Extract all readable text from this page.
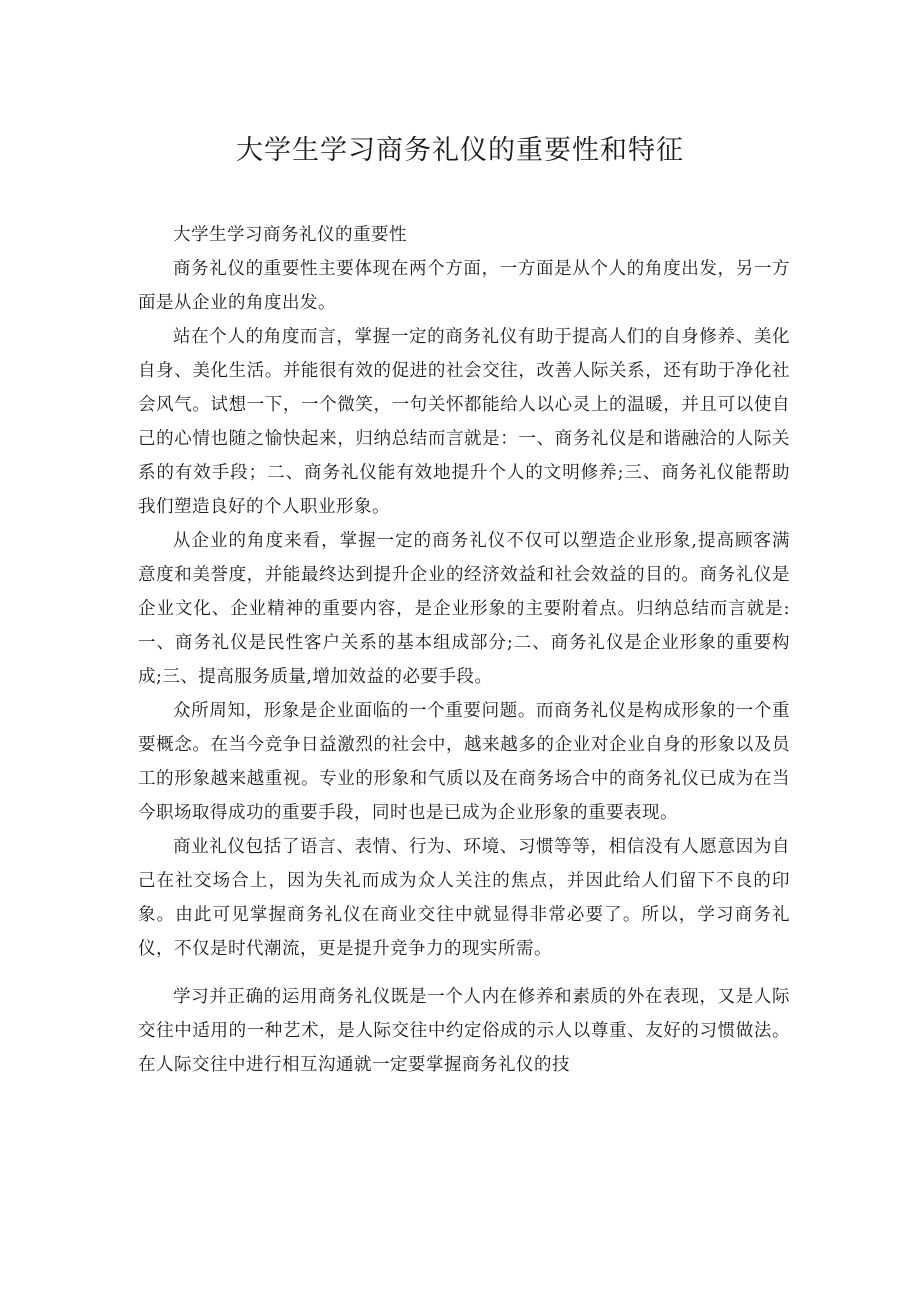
大学生学习商务礼仪的重要性和特征

大学生学习商务礼仪的重要性

商务礼仪的重要性主要体现在两个方面，一方面是从个人的角度出发，另一方面是从企业的角度出发。

站在个人的角度而言，掌握一定的商务礼仪有助于提高人们的自身修养、美化自身、美化生活。并能很有效的促进的社会交往，改善人际关系，还有助于净化社会风气。试想一下，一个微笑，一句关怀都能给人以心灵上的温暖，并且可以使自己的心情也随之愉快起来，归纳总结而言就是：一、商务礼仪是和谐融洽的人际关系的有效手段；二、商务礼仪能有效地提升个人的文明修养;三、商务礼仪能帮助我们塑造良好的个人职业形象。

从企业的角度来看，掌握一定的商务礼仪不仅可以塑造企业形象,提高顾客满意度和美誉度，并能最终达到提升企业的经济效益和社会效益的目的。商务礼仪是企业文化、企业精神的重要内容，是企业形象的主要附着点。归纳总结而言就是:一、商务礼仪是民性客户关系的基本组成部分;二、商务礼仪是企业形象的重要构成;三、提高服务质量,增加效益的必要手段。

众所周知，形象是企业面临的一个重要问题。而商务礼仪是构成形象的一个重要概念。在当今竞争日益激烈的社会中，越来越多的企业对企业自身的形象以及员工的形象越来越重视。专业的形象和气质以及在商务场合中的商务礼仪已成为在当今职场取得成功的重要手段，同时也是已成为企业形象的重要表现。

商业礼仪包括了语言、表情、行为、环境、习惯等等，相信没有人愿意因为自己在社交场合上，因为失礼而成为众人关注的焦点，并因此给人们留下不良的印象。由此可见掌握商务礼仪在商业交往中就显得非常必要了。所以，学习商务礼仪，不仅是时代潮流，更是提升竞争力的现实所需。

学习并正确的运用商务礼仪既是一个人内在修养和素质的外在表现，又是人际交往中适用的一种艺术，是人际交往中约定俗成的示人以尊重、友好的习惯做法。在人际交往中进行相互沟通就一定要掌握商务礼仪的技
